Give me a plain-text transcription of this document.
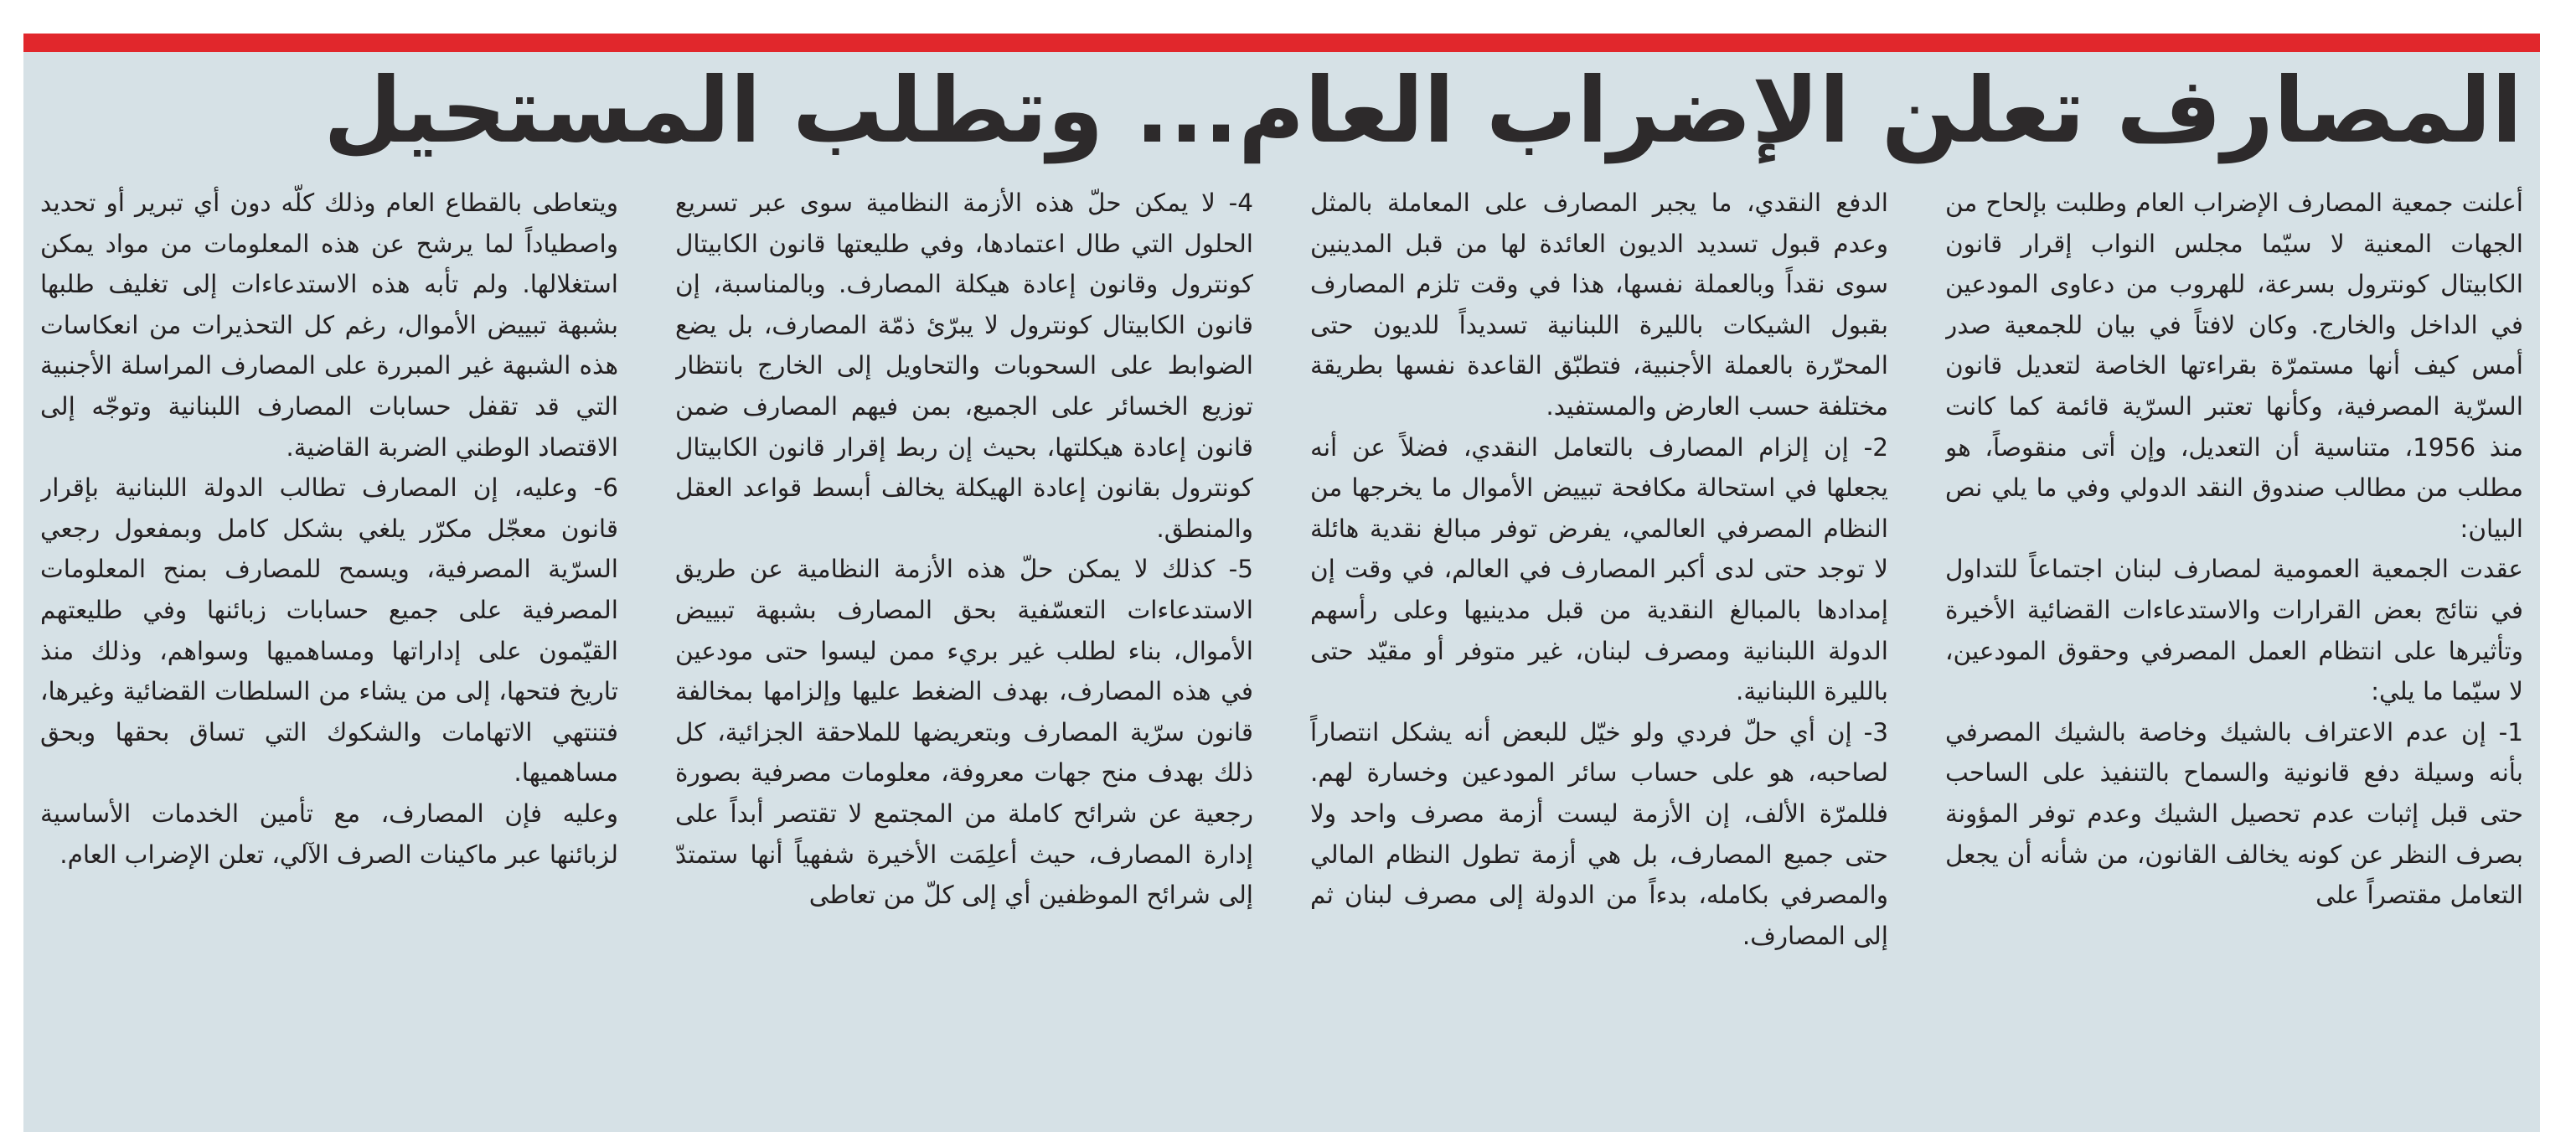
المصارف تعلن الإضراب العام... وتطلب المستحيل

أعلنت جمعية المصارف الإضراب العام وطلبت بإلحاح من الجهات المعنية لا سيّما مجلس النواب إقرار قانون الكابيتال كونترول بسرعة، للهروب من دعاوى المودعين في الداخل والخارج. وكان لافتاً في بيان للجمعية صدر أمس كيف أنها مستمرّة بقراءتها الخاصة لتعديل قانون السرّية المصرفية، وكأنها تعتبر السرّية قائمة كما كانت منذ 1956، متناسية أن التعديل، وإن أتى منقوصاً، هو مطلب من مطالب صندوق النقد الدولي وفي ما يلي نص البيان:

عقدت الجمعية العمومية لمصارف لبنان اجتماعاً للتداول في نتائج بعض القرارات والاستدعاءات القضائية الأخيرة وتأثيرها على انتظام العمل المصرفي وحقوق المودعين، لا سيّما ما يلي:

1- إن عدم الاعتراف بالشيك وخاصة بالشيك المصرفي بأنه وسيلة دفع قانونية والسماح بالتنفيذ على الساحب حتى قبل إثبات عدم تحصيل الشيك وعدم توفر المؤونة بصرف النظر عن كونه يخالف القانون، من شأنه أن يجعل التعامل مقتصراً على

الدفع النقدي، ما يجبر المصارف على المعاملة بالمثل وعدم قبول تسديد الديون العائدة لها من قبل المدينين سوى نقداً وبالعملة نفسها، هذا في وقت تلزم المصارف بقبول الشيكات بالليرة اللبنانية تسديداً للديون حتى المحرّرة بالعملة الأجنبية، فتطبّق القاعدة نفسها بطريقة مختلفة حسب العارض والمستفيد.

2- إن إلزام المصارف بالتعامل النقدي، فضلاً عن أنه يجعلها في استحالة مكافحة تبييض الأموال ما يخرجها من النظام المصرفي العالمي، يفرض توفر مبالغ نقدية هائلة لا توجد حتى لدى أكبر المصارف في العالم، في وقت إن إمدادها بالمبالغ النقدية من قبل مدينيها وعلى رأسهم الدولة اللبنانية ومصرف لبنان، غير متوفر أو مقيّد حتى بالليرة اللبنانية.

3- إن أي حلّ فردي ولو خيّل للبعض أنه يشكل انتصاراً لصاحبه، هو على حساب سائر المودعين وخسارة لهم. فللمرّة الألف، إن الأزمة ليست أزمة مصرف واحد ولا حتى جميع المصارف، بل هي أزمة تطول النظام المالي والمصرفي بكامله، بدءاً من الدولة إلى مصرف لبنان ثم إلى المصارف.

4- لا يمكن حلّ هذه الأزمة النظامية سوى عبر تسريع الحلول التي طال اعتمادها، وفي طليعتها قانون الكابيتال كونترول وقانون إعادة هيكلة المصارف. وبالمناسبة، إن قانون الكابيتال كونترول لا يبرّئ ذمّة المصارف، بل يضع الضوابط على السحوبات والتحاويل إلى الخارج بانتظار توزيع الخسائر على الجميع، بمن فيهم المصارف ضمن قانون إعادة هيكلتها، بحيث إن ربط إقرار قانون الكابيتال كونترول بقانون إعادة الهيكلة يخالف أبسط قواعد العقل والمنطق.

5- كذلك لا يمكن حلّ هذه الأزمة النظامية عن طريق الاستدعاءات التعسّفية بحق المصارف بشبهة تبييض الأموال، بناء لطلب غير بريء ممن ليسوا حتى مودعين في هذه المصارف، بهدف الضغط عليها وإلزامها بمخالفة قانون سرّية المصارف وبتعريضها للملاحقة الجزائية، كل ذلك بهدف منح جهات معروفة، معلومات مصرفية بصورة رجعية عن شرائح كاملة من المجتمع لا تقتصر أبداً على إدارة المصارف، حيث أعلِمَت الأخيرة شفهياً أنها ستمتدّ إلى شرائح الموظفين أي إلى كلّ من تعاطى

ويتعاطى بالقطاع العام وذلك كلّه دون أي تبرير أو تحديد واصطياداً لما يرشح عن هذه المعلومات من مواد يمكن استغلالها. ولم تأبه هذه الاستدعاءات إلى تغليف طلبها بشبهة تبييض الأموال، رغم كل التحذيرات من انعكاسات هذه الشبهة غير المبررة على المصارف المراسلة الأجنبية التي قد تقفل حسابات المصارف اللبنانية وتوجّه إلى الاقتصاد الوطني الضربة القاضية.

6- وعليه، إن المصارف تطالب الدولة اللبنانية بإقرار قانون معجّل مكرّر يلغي بشكل كامل وبمفعول رجعي السرّية المصرفية، ويسمح للمصارف بمنح المعلومات المصرفية على جميع حسابات زبائنها وفي طليعتهم القيّمون على إداراتها ومساهميها وسواهم، وذلك منذ تاريخ فتحها، إلى من يشاء من السلطات القضائية وغيرها، فتنتهي الاتهامات والشكوك التي تساق بحقها وبحق مساهميها.

وعليه فإن المصارف، مع تأمين الخدمات الأساسية لزبائنها عبر ماكينات الصرف الآلي، تعلن الإضراب العام.
